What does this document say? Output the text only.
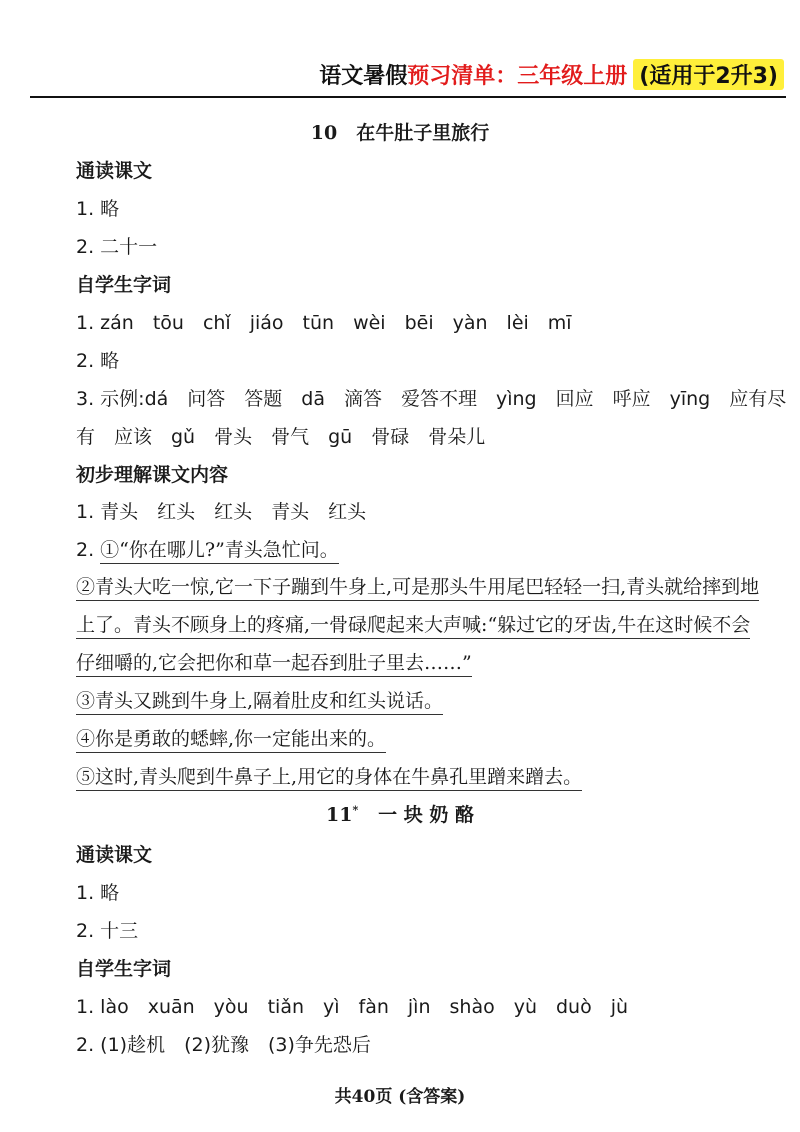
语文暑假 预习清单：三年级上册 (适用于2升3)
10　在牛肚子里旅行
通读课文
1. 略
2. 二十一
自学生字词
1. zán　tōu　chǐ　jiáo　tūn　wèi　bēi　yàn　lèi　mī
2. 略
3. 示例:dá　问答　答题　dā　滴答　爱答不理　yìng　回应　呼应　yīng　应有尽
有　应该　gǔ　骨头　骨气　gū　骨碌　骨朵儿
初步理解课文内容
1. 青头　红头　红头　青头　红头
2. ①“你在哪儿?”青头急忙问。
②青头大吃一惊,它一下子蹦到牛身上,可是那头牛用尾巴轻轻一扫,青头就给摔到地
上了。青头不顾身上的疼痛,一骨碌爬起来大声喊:“躲过它的牙齿,牛在这时候不会
仔细嚼的,它会把你和草一起吞到肚子里去……”
③青头又跳到牛身上,隔着肚皮和红头说话。
④你是勇敢的蟋蟀,你一定能出来的。
⑤这时,青头爬到牛鼻子上,用它的身体在牛鼻孔里蹭来蹭去。
11* 一 块 奶 酪
通读课文
1. 略
2. 十三
自学生字词
1. lào　xuān　yòu　tiǎn　yì　fàn　jìn　shào　yù　duò　jù
2. (1)趁机　(2)犹豫　(3)争先恐后
共40页 (含答案)
